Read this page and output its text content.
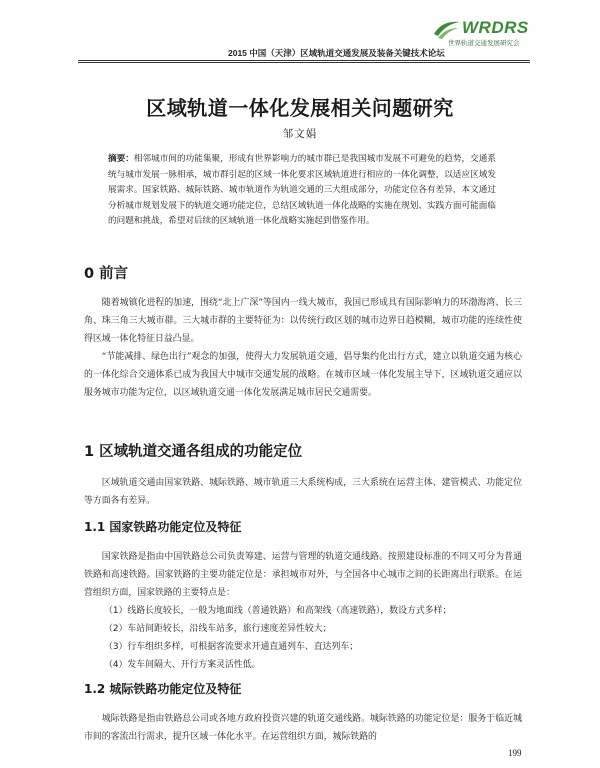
WRDRS
世界轨道交通发展研究会
2015 中国（天津）区域轨道交通发展及装备关键技术论坛
区域轨道一体化发展相关问题研究
邹文娟
摘要：相邻城市间的功能集聚，形成有世界影响力的城市群已是我国城市发展不可避免的趋势，交通系统与城市发展一脉相承，城市群引起的区域一体化要求区域轨道进行相应的一体化调整，以适应区域发展需求。国家铁路、城际铁路、城市轨道作为轨道交通的三大组成部分，功能定位各有差异，本文通过分析城市规划发展下的轨道交通功能定位，总结区域轨道一体化战略的实施在规划、实践方面可能面临的问题和挑战，希望对后续的区域轨道一体化战略实施起到借鉴作用。
0 前言
随着城镇化进程的加速，围绕“北上广深”等国内一线大城市，我国已形成具有国际影响力的环渤海湾、长三角、珠三角三大城市群。三大城市群的主要特征为：以传统行政区划的城市边界日趋模糊，城市功能的连续性使得区域一体化特征日益凸显。
“节能减排、绿色出行”观念的加强，使得大力发展轨道交通，倡导集约化出行方式，建立以轨道交通为核心的一体化综合交通体系已成为我国大中城市交通发展的战略。在城市区域一体化发展主导下，区域轨道交通应以服务城市功能为定位，以区域轨道交通一体化发展满足城市居民交通需要。
1 区域轨道交通各组成的功能定位
区域轨道交通由国家铁路、城际铁路、城市轨道三大系统构成，三大系统在运营主体、建管模式、功能定位等方面各有差异。
1.1 国家铁路功能定位及特征
国家铁路是指由中国铁路总公司负责筹建、运营与管理的轨道交通线路。按照建设标准的不同又可分为普通铁路和高速铁路。国家铁路的主要功能定位是：承担城市对外，与全国各中心城市之间的长距离出行联系。在运营组织方面，国家铁路的主要特点是：
（1）线路长度较长，一般为地面线（普通铁路）和高架线（高速铁路），数设方式多样；
（2）车站间距较长，沿线车站多，旅行速度差异性较大；
（3）行车组织多样，可根据客流要求开通直通列车、直达列车；
（4）发车间隔大、开行方案灵活性低。
1.2 城际铁路功能定位及特征
城际铁路是指由铁路总公司或各地方政府投资兴建的轨道交通线路。城际铁路的功能定位是：服务于临近城市间的客流出行需求，提升区域一体化水平。在运营组织方面，城际铁路的
199
